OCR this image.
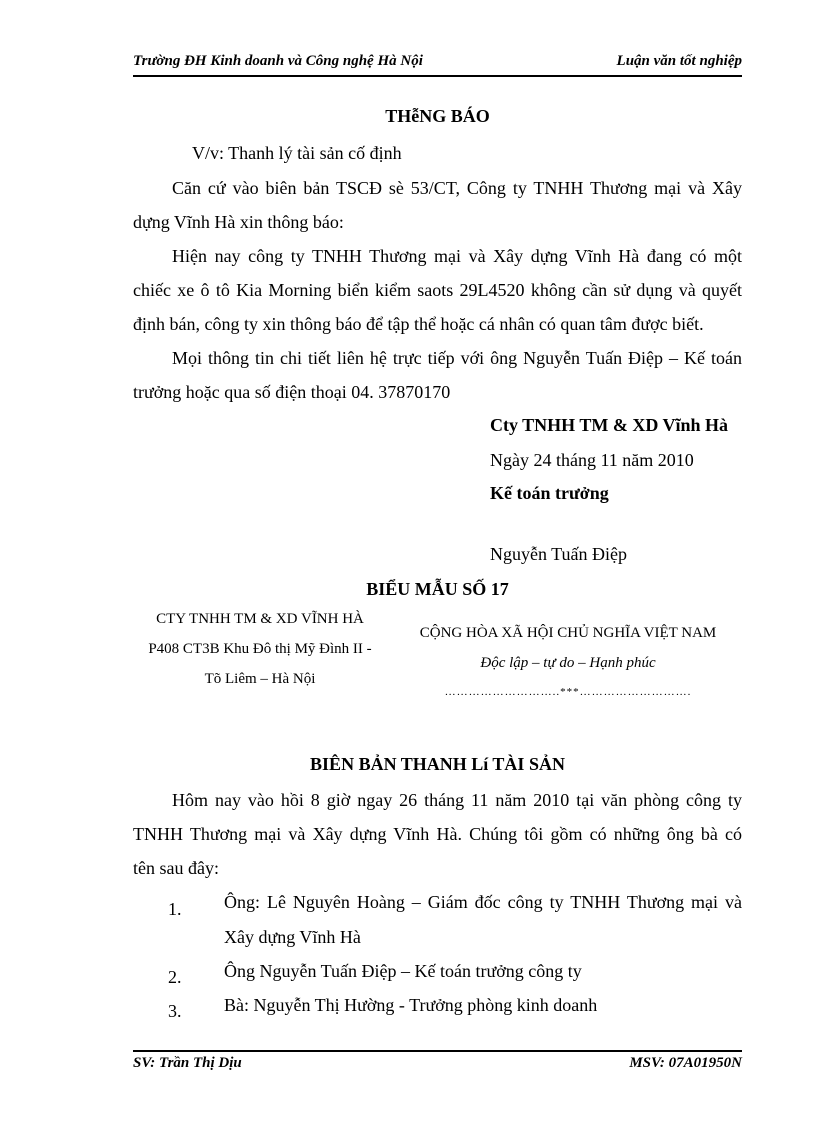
Trường ĐH Kinh doanh và Công nghệ Hà Nội	Luận văn tốt nghiệp
THễNG BÁO
V/v: Thanh lý tài sản cố định
Căn cứ vào biên bản TSCĐ sè 53/CT, Công ty TNHH Thương mại và Xây
dựng Vĩnh Hà xin thông báo:
Hiện nay công ty TNHH Thương mại và Xây dựng Vĩnh Hà đang có một
chiếc xe ô tô Kia Morning biển kiểm saots 29L4520 không cần sử dụng và quyết
định bán, công ty xin thông báo để tập thể hoặc cá nhân có quan tâm được biết.
Mọi thông tin chi tiết liên hệ trực tiếp với ông Nguyễn Tuấn Điệp – Kế toán
trưởng hoặc qua số điện thoại 04. 37870170
Cty TNHH TM & XD Vĩnh Hà
Ngày 24 tháng 11 năm 2010
Kế toán trưởng
Nguyễn Tuấn Điệp
BIỂU MẪU SỐ 17
CTY TNHH TM & XD VĨNH HÀ
P408 CT3B Khu Đô thị Mỹ Đình II -
Tõ Liêm – Hà Nội
CỘNG HÒA XÃ HỘI CHỦ NGHĨA VIỆT NAM
Độc lập – tự do – Hạnh phúc
………………………..***……………………….
BIÊN BẢN THANH Lí TÀI SẢN
Hôm nay vào hồi 8 giờ ngay 26 tháng 11 năm 2010 tại văn phòng công ty
TNHH Thương mại và Xây dựng Vĩnh Hà. Chúng tôi gồm có những ông bà có
tên sau đây:
1. Ông: Lê Nguyên Hoàng – Giám đốc công ty TNHH Thương mại và
Xây dựng Vĩnh Hà
2. Ông Nguyễn Tuấn Điệp – Kế toán trưởng công ty
3. Bà: Nguyễn Thị Hường - Trưởng phòng kinh doanh
SV: Trần Thị Dịu	MSV: 07A01950N
